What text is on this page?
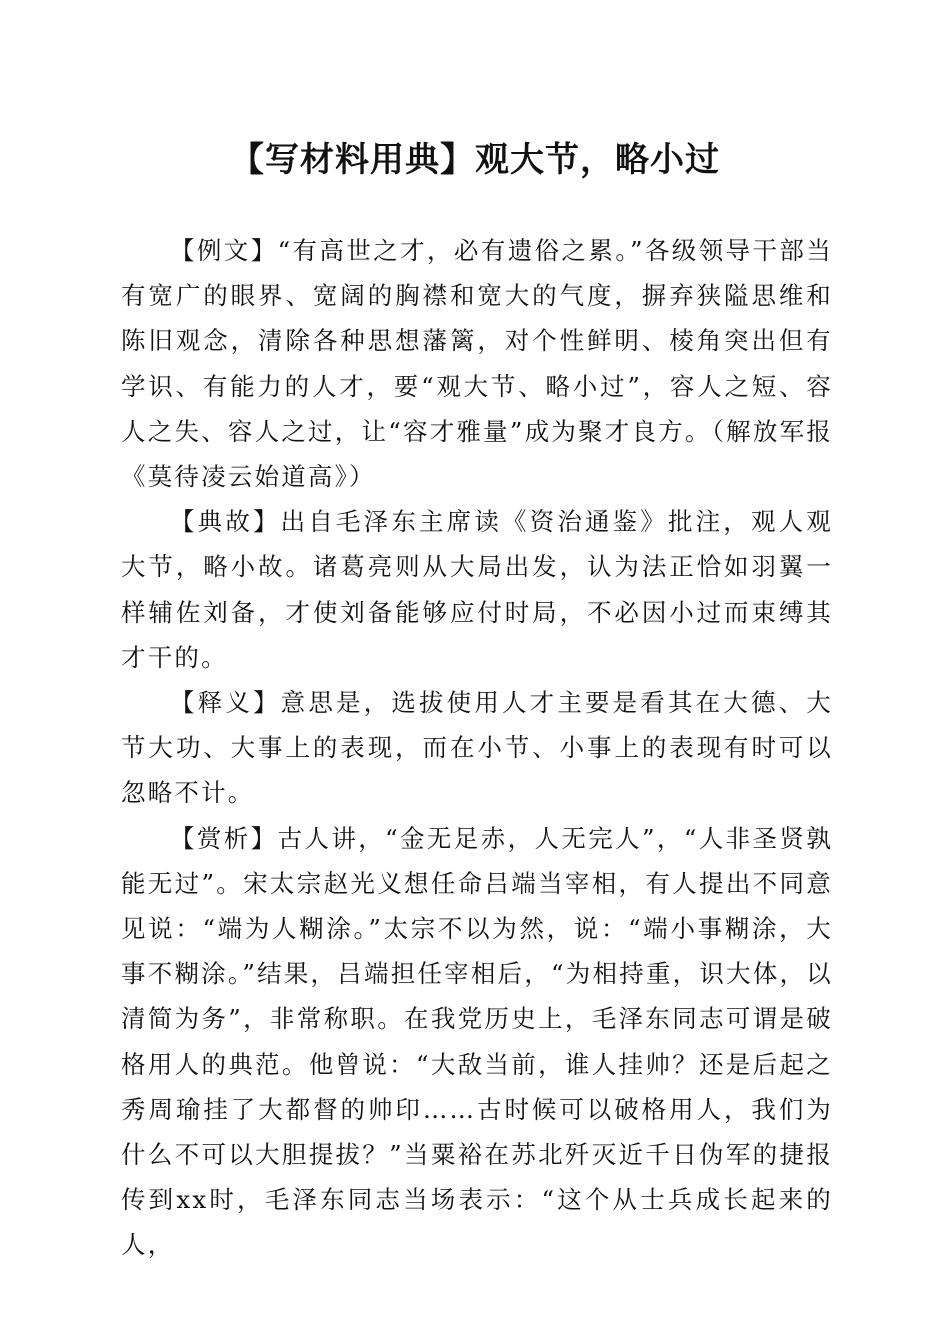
【写材料用典】观大节，略小过

【例文】“有高世之才，必有遗俗之累。”各级领导干部当有宽广的眼界、宽阔的胸襟和宽大的气度，摒弃狭隘思维和陈旧观念，清除各种思想藩篱，对个性鲜明、棱角突出但有学识、有能力的人才，要“观大节、略小过”，容人之短、容人之失、容人之过，让“容才雅量”成为聚才良方。（解放军报《莫待凌云始道高》）

【典故】出自毛泽东主席读《资治通鉴》批注，观人观大节，略小故。诸葛亮则从大局出发，认为法正恰如羽翼一样辅佐刘备，才使刘备能够应付时局，不必因小过而束缚其才干的。

【释义】意思是，选拔使用人才主要是看其在大德、大节大功、大事上的表现，而在小节、小事上的表现有时可以忽略不计。

【赏析】古人讲，“金无足赤，人无完人”，“人非圣贤孰能无过”。宋太宗赵光义想任命吕端当宰相，有人提出不同意见说：“端为人糊涂。”太宗不以为然，说：“端小事糊涂，大事不糊涂。”结果，吕端担任宰相后，“为相持重，识大体，以清简为务”，非常称职。在我党历史上，毛泽东同志可谓是破格用人的典范。他曾说：“大敌当前，谁人挂帅？还是后起之秀周瑜挂了大都督的帅印……古时候可以破格用人，我们为什么不可以大胆提拔？”当粟裕在苏北歼灭近千日伪军的捷报传到xx时，毛泽东同志当场表示：“这个从士兵成长起来的人，
